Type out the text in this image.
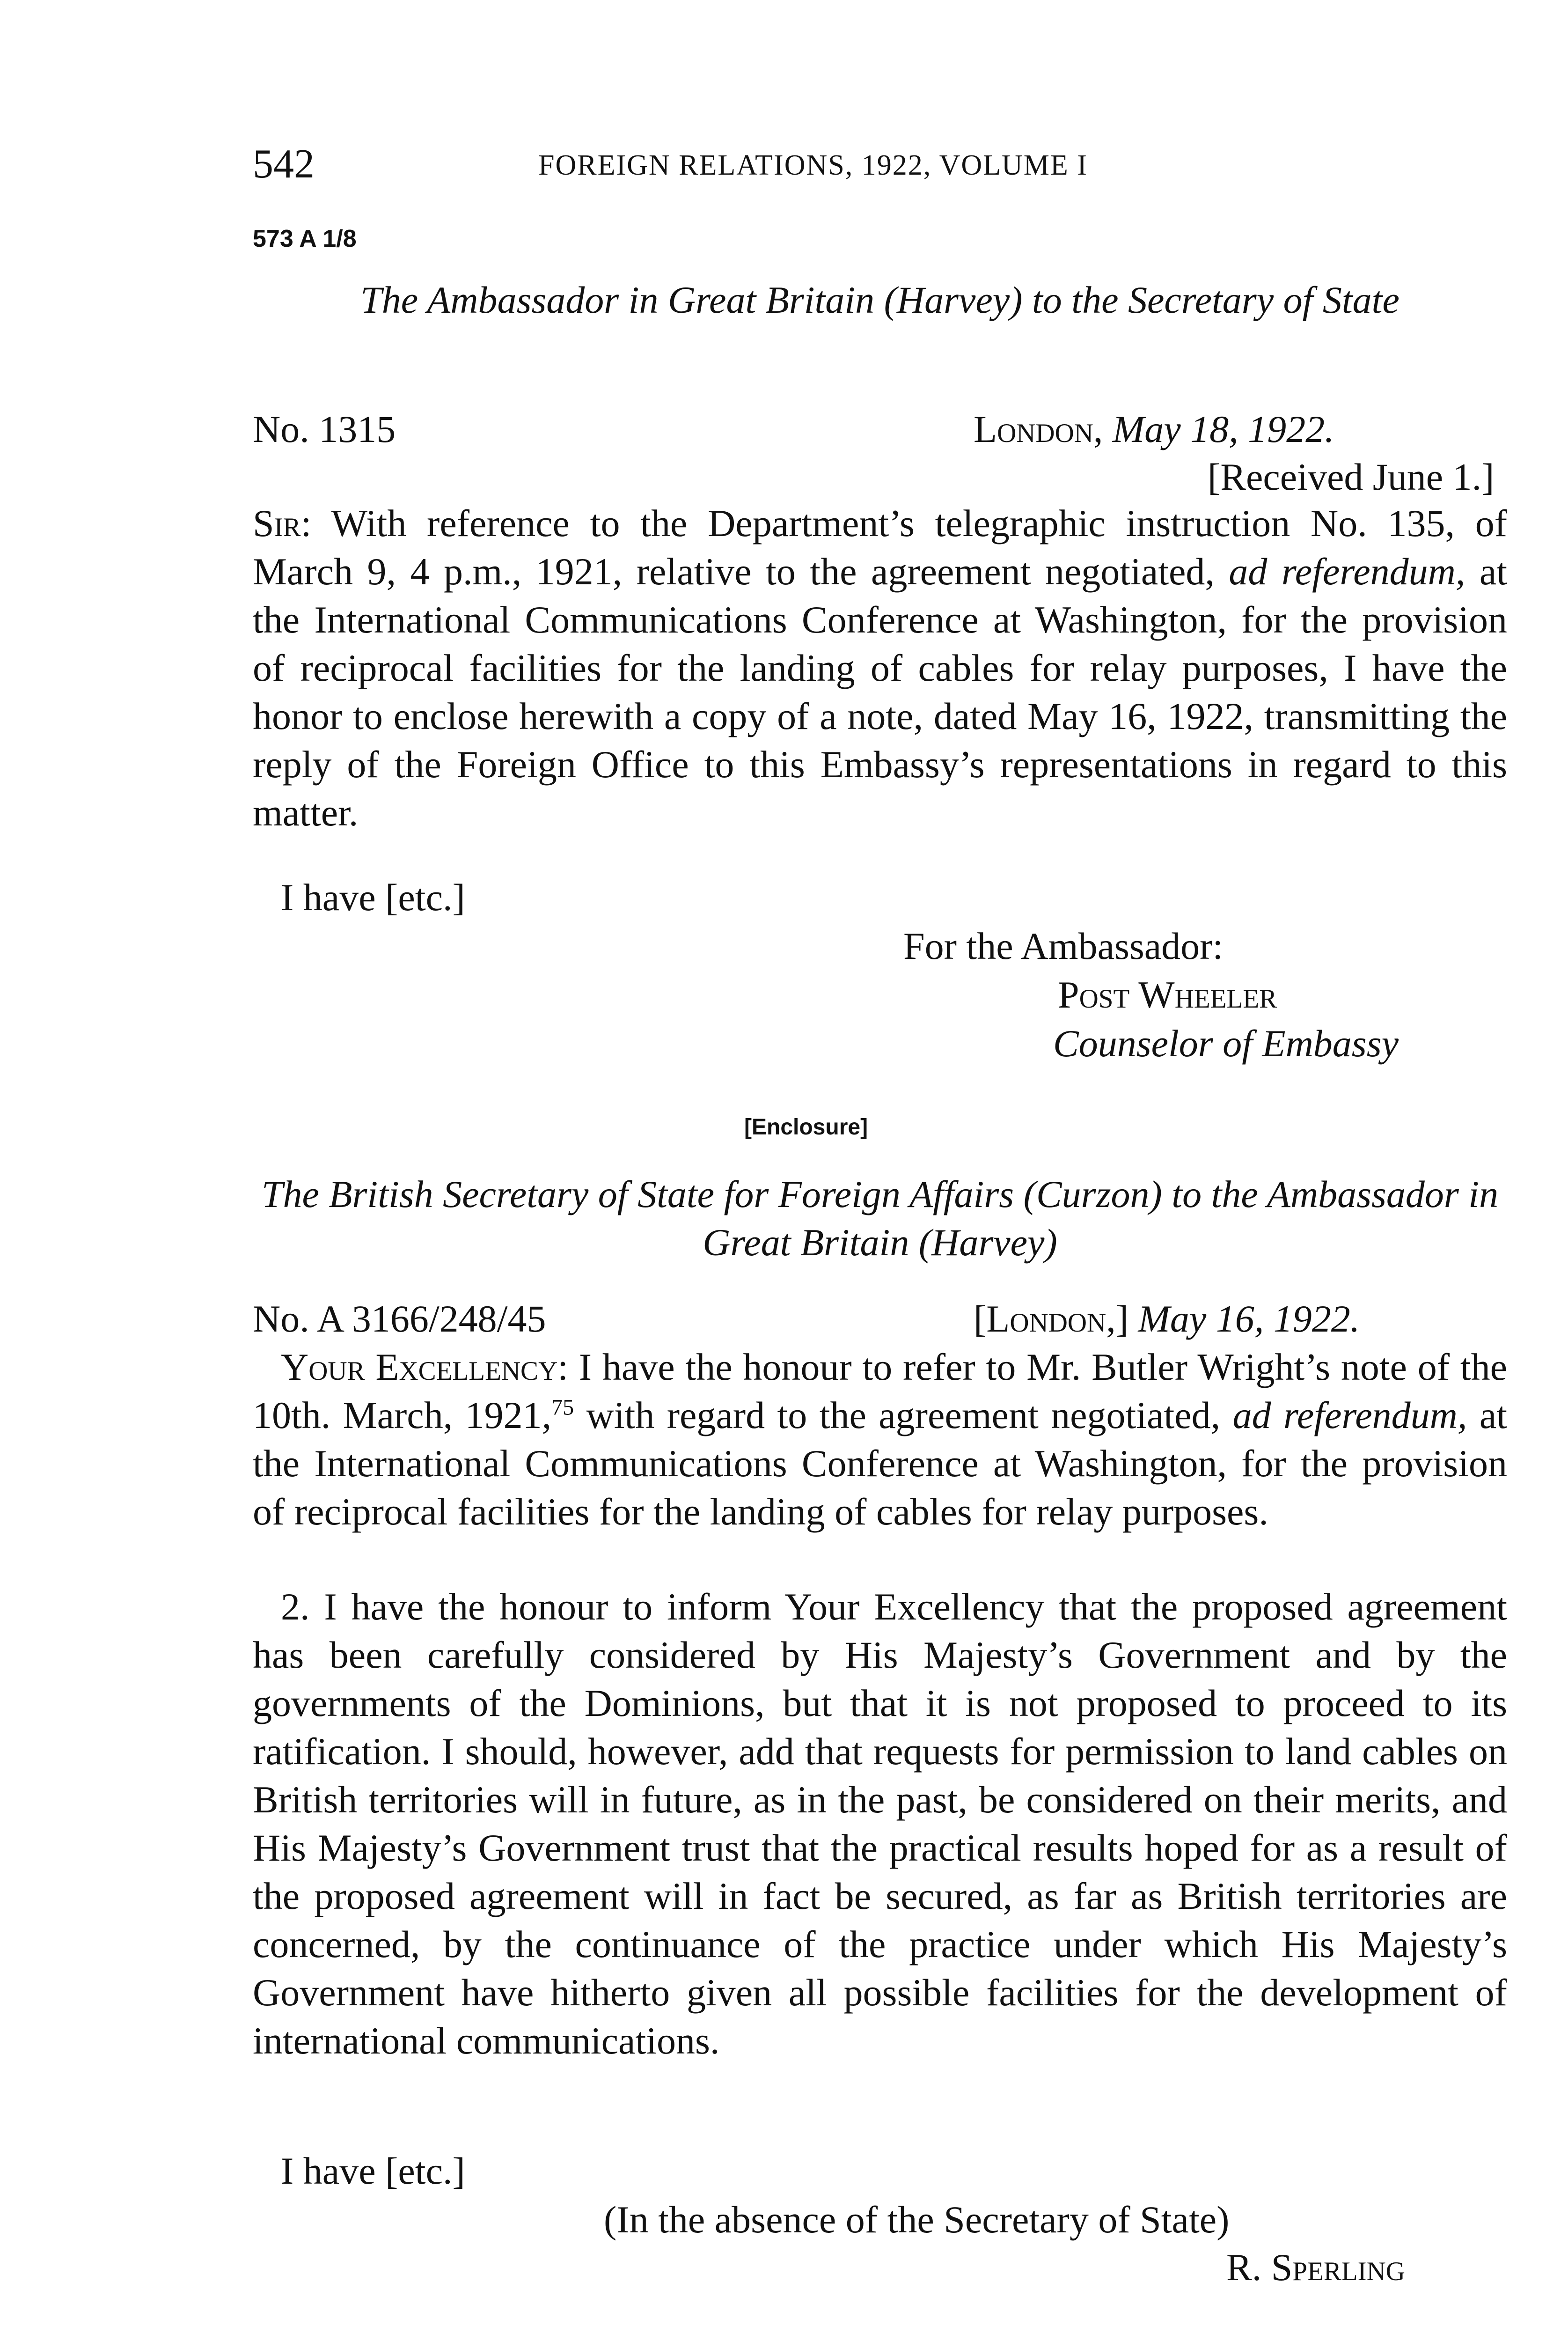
542	FOREIGN RELATIONS, 1922, VOLUME I
573 A 1/8
The Ambassador in Great Britain (Harvey) to the Secretary of State
No. 1315	London, May 18, 1922.
[Received June 1.]
Sir: With reference to the Department’s telegraphic instruction No. 135, of March 9, 4 p.m., 1921, relative to the agreement negotiated, ad referendum, at the International Communications Conference at Washington, for the provision of reciprocal facilities for the landing of cables for relay purposes, I have the honor to enclose herewith a copy of a note, dated May 16, 1922, transmitting the reply of the Foreign Office to this Embassy’s representations in regard to this matter.
I have [etc.]
For the Ambassador:
Post Wheeler
Counselor of Embassy
[Enclosure]
The British Secretary of State for Foreign Affairs (Curzon) to the Ambassador in Great Britain (Harvey)
No. A 3166/248/45	[London,] May 16, 1922.
Your Excellency: I have the honour to refer to Mr. Butler Wright’s note of the 10th. March, 1921,75 with regard to the agreement negotiated, ad referendum, at the International Communications Conference at Washington, for the provision of reciprocal facilities for the landing of cables for relay purposes.
2. I have the honour to inform Your Excellency that the proposed agreement has been carefully considered by His Majesty’s Government and by the governments of the Dominions, but that it is not proposed to proceed to its ratification. I should, however, add that requests for permission to land cables on British territories will in future, as in the past, be considered on their merits, and His Majesty’s Government trust that the practical results hoped for as a result of the proposed agreement will in fact be secured, as far as British territories are concerned, by the continuance of the practice under which His Majesty’s Government have hitherto given all possible facilities for the development of international communications.
I have [etc.]
(In the absence of the Secretary of State)
R. Sperling
